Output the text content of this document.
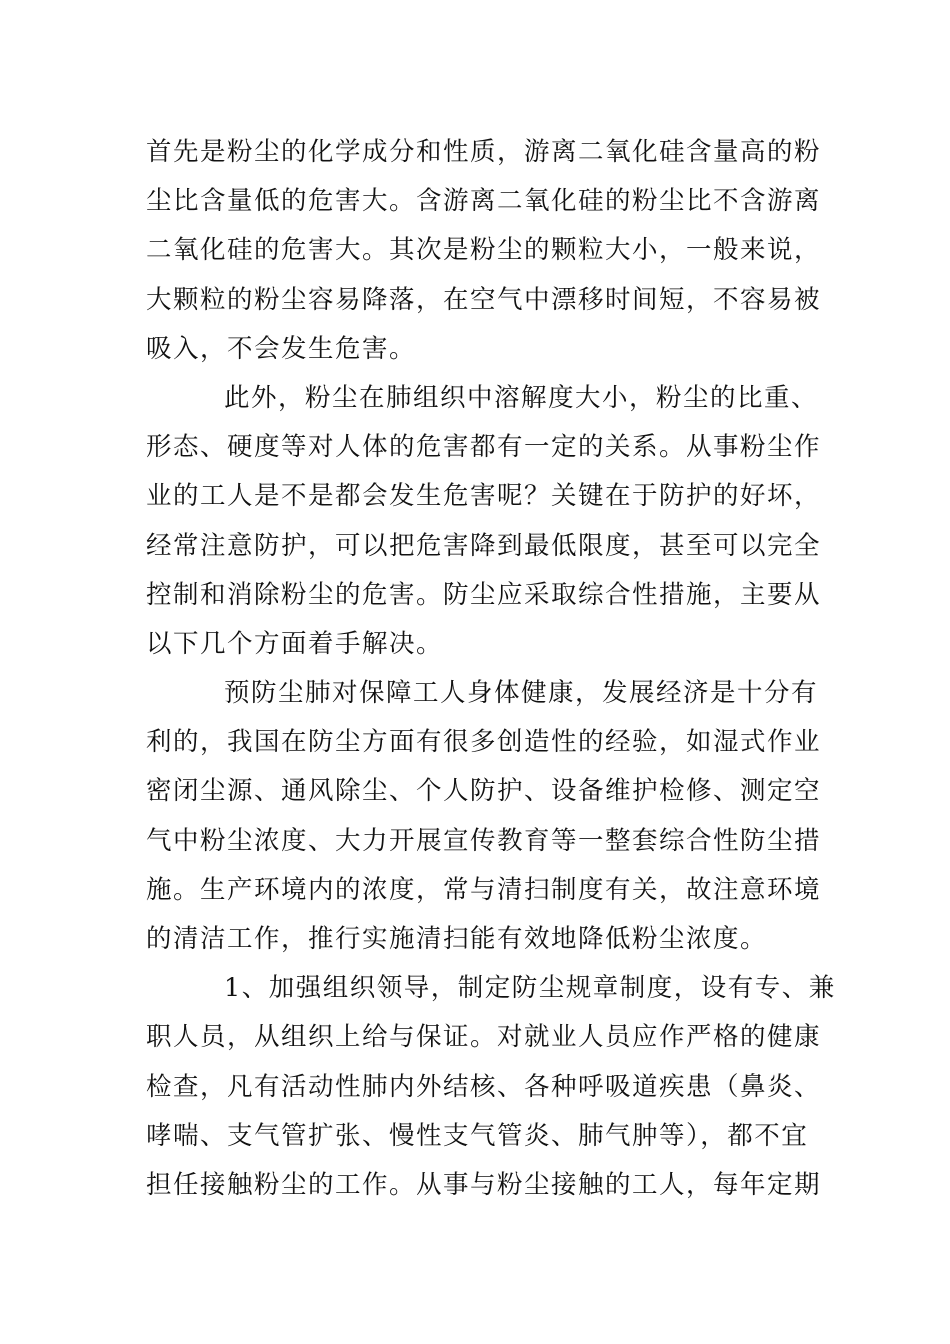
首先是粉尘的化学成分和性质，游离二氧化硅含量高的粉
尘比含量低的危害大。含游离二氧化硅的粉尘比不含游离
二氧化硅的危害大。其次是粉尘的颗粒大小，一般来说，
大颗粒的粉尘容易降落，在空气中漂移时间短，不容易被
吸入，不会发生危害。
此外，粉尘在肺组织中溶解度大小，粉尘的比重、
形态、硬度等对人体的危害都有一定的关系。从事粉尘作
业的工人是不是都会发生危害呢？关键在于防护的好坏，
经常注意防护，可以把危害降到最低限度，甚至可以完全
控制和消除粉尘的危害。防尘应采取综合性措施，主要从
以下几个方面着手解决。
预防尘肺对保障工人身体健康，发展经济是十分有
利的，我国在防尘方面有很多创造性的经验，如湿式作业
密闭尘源、通风除尘、个人防护、设备维护检修、测定空
气中粉尘浓度、大力开展宣传教育等一整套综合性防尘措
施。生产环境内的浓度，常与清扫制度有关，故注意环境
的清洁工作，推行实施清扫能有效地降低粉尘浓度。
1、加强组织领导，制定防尘规章制度，设有专、兼
职人员，从组织上给与保证。对就业人员应作严格的健康
检查，凡有活动性肺内外结核、各种呼吸道疾患（鼻炎、
哮喘、支气管扩张、慢性支气管炎、肺气肿等），都不宜
担任接触粉尘的工作。从事与粉尘接触的工人，每年定期
